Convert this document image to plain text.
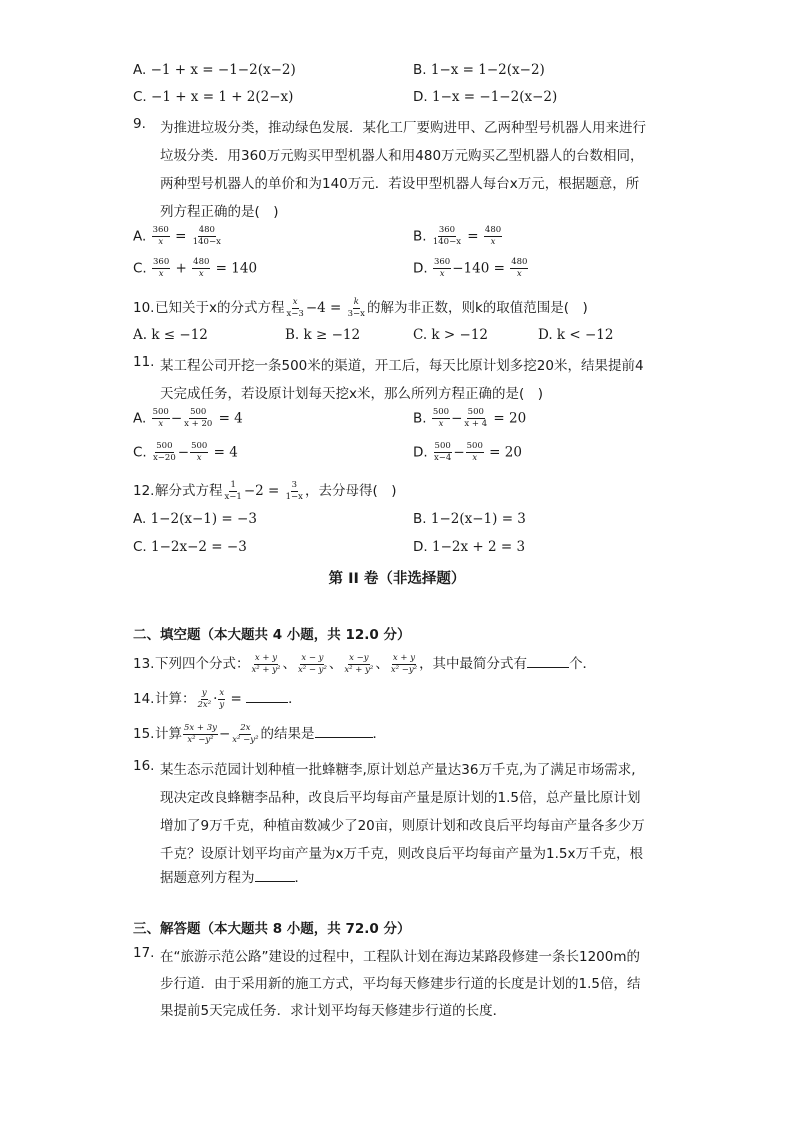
A. −1 + x = −1−2(x−2)	B. 1−x = 1−2(x−2)
C. −1 + x = 1 + 2(2−x)	D. 1−x = −1−2(x−2)
9. 为推进垃圾分类，推动绿色发展．某化工厂要购进甲、乙两种型号机器人用来进行
垃圾分类．用360万元购买甲型机器人和用480万元购买乙型机器人的台数相同，
两种型号机器人的单价和为140万元．若设甲型机器人每台x万元，根据题意，所
列方程正确的是(　)
A. $\frac{360}{x} = \frac{480}{140-x}$	B. $\frac{360}{140-x} = \frac{480}{x}$
C. $\frac{360}{x} + \frac{480}{x} = 140$	D. $\frac{360}{x} -140 = \frac{480}{x}$
10.已知关于x的分式方程 $\frac{x}{x-3} -4 = \frac{k}{3-x}$ 的解为非正数，则k的取值范围是(　)
A. k ≤ −12	B. k ≥ −12	C. k > −12	D. k < −12
11. 某工程公司开挖一条500米的渠道，开工后，每天比原计划多挖20米，结果提前4
天完成任务，若设原计划每天挖x米，那么所列方程正确的是(　)
A. $\frac{500}{x} - \frac{500}{x + 20} = 4$	B. $\frac{500}{x} - \frac{500}{x + 4} = 20$
C. $\frac{500}{x-20} - \frac{500}{x} = 4$	D. $\frac{500}{x-4} - \frac{500}{x} = 20$
12.解分式方程 $\frac{1}{x-1} -2 = \frac{3}{1-x}$ ，去分母得(　)
A. 1−2(x−1) = −3	B. 1−2(x−1) = 3
C. 1−2x−2 = −3	D. 1−2x + 2 = 3
第 II 卷（非选择题）
二、填空题（本大题共 4 小题，共 12.0 分）
13.下列四个分式： $\frac{x + y}{\text{x² + y²}}$ 、 $\frac{x - y}{\text{x² − y²}}$ 、 $\frac{x -y}{\text{x² + y²}}$ 、 $\frac{x + y}{\text{x² −y²}}$ ，其中最简分式有	个．
14.计算： $\frac{y}{\text{2x²}} \cdot \frac{x}{y}$ =	．
15.计算 $\frac{5x + 3y}{\text{x² −y²}} - \frac{2x}{\text{x² −y²}}$ 的结果是	．
16. 某生态示范园计划种植一批蜂糖李,原计划总产量达36万千克,为了满足市场需求,
现决定改良蜂糖李品种，改良后平均每亩产量是原计划的1.5倍，总产量比原计划
增加了9万千克，种植亩数减少了20亩，则原计划和改良后平均每亩产量各多少万
千克？设原计划平均亩产量为x万千克，则改良后平均每亩产量为1.5x万千克，根
据题意列方程为	．
三、解答题（本大题共 8 小题，共 72.0 分）
17. 在“旅游示范公路”建设的过程中，工程队计划在海边某路段修建一条长1200m的
步行道．由于采用新的施工方式，平均每天修建步行道的长度是计划的1.5倍，结
果提前5天完成任务．求计划平均每天修建步行道的长度．
